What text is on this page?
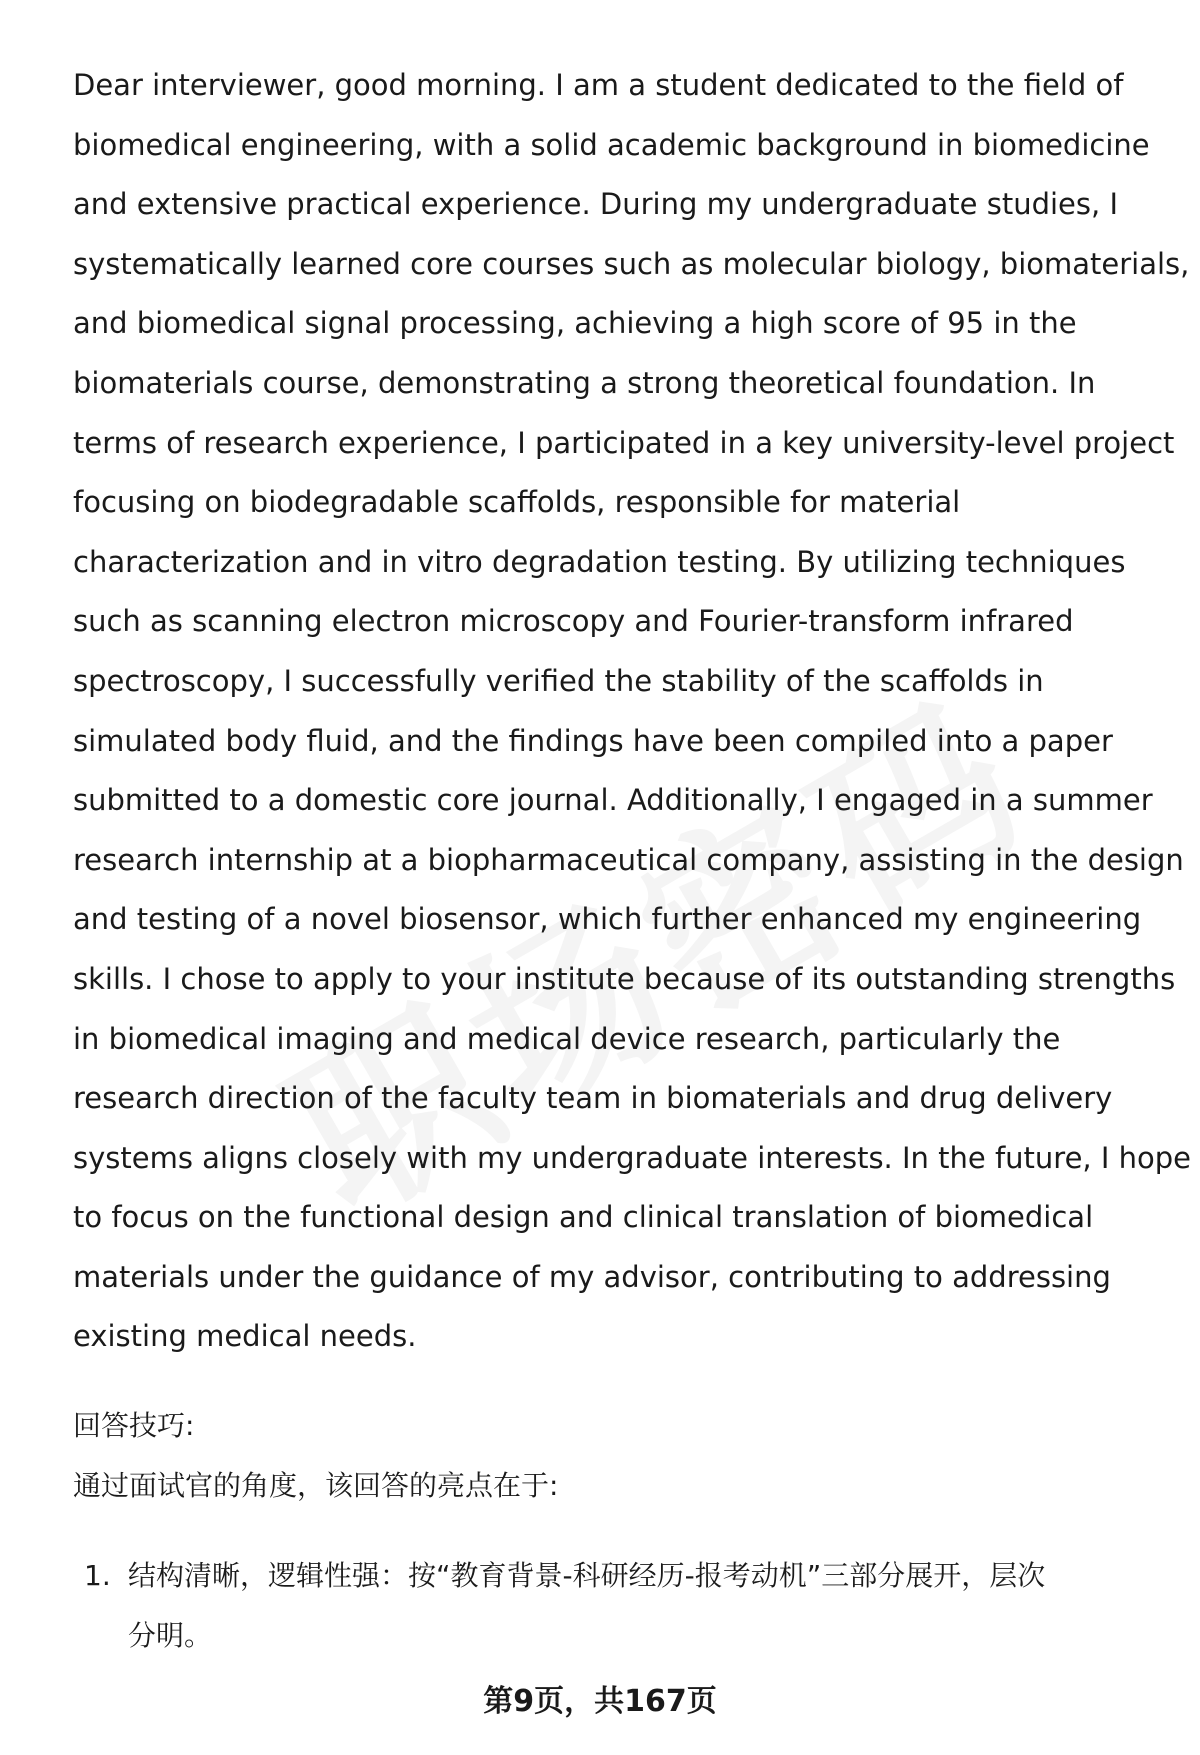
Dear interviewer, good morning. I am a student dedicated to the field of
biomedical engineering, with a solid academic background in biomedicine
and extensive practical experience. During my undergraduate studies, I
systematically learned core courses such as molecular biology, biomaterials,
and biomedical signal processing, achieving a high score of 95 in the
biomaterials course, demonstrating a strong theoretical foundation. In
terms of research experience, I participated in a key university-level project
focusing on biodegradable scaffolds, responsible for material
characterization and in vitro degradation testing. By utilizing techniques
such as scanning electron microscopy and Fourier-transform infrared
spectroscopy, I successfully verified the stability of the scaffolds in
simulated body fluid, and the findings have been compiled into a paper
submitted to a domestic core journal. Additionally, I engaged in a summer
research internship at a biopharmaceutical company, assisting in the design
and testing of a novel biosensor, which further enhanced my engineering
skills. I chose to apply to your institute because of its outstanding strengths
in biomedical imaging and medical device research, particularly the
research direction of the faculty team in biomaterials and drug delivery
systems aligns closely with my undergraduate interests. In the future, I hope
to focus on the functional design and clinical translation of biomedical
materials under the guidance of my advisor, contributing to addressing
existing medical needs.
回答技巧:
通过面试官的角度，该回答的亮点在于:
1. 结构清晰，逻辑性强：按“教育背景-科研经历-报考动机”三部分展开，层次
分明。
第9页，共167页
